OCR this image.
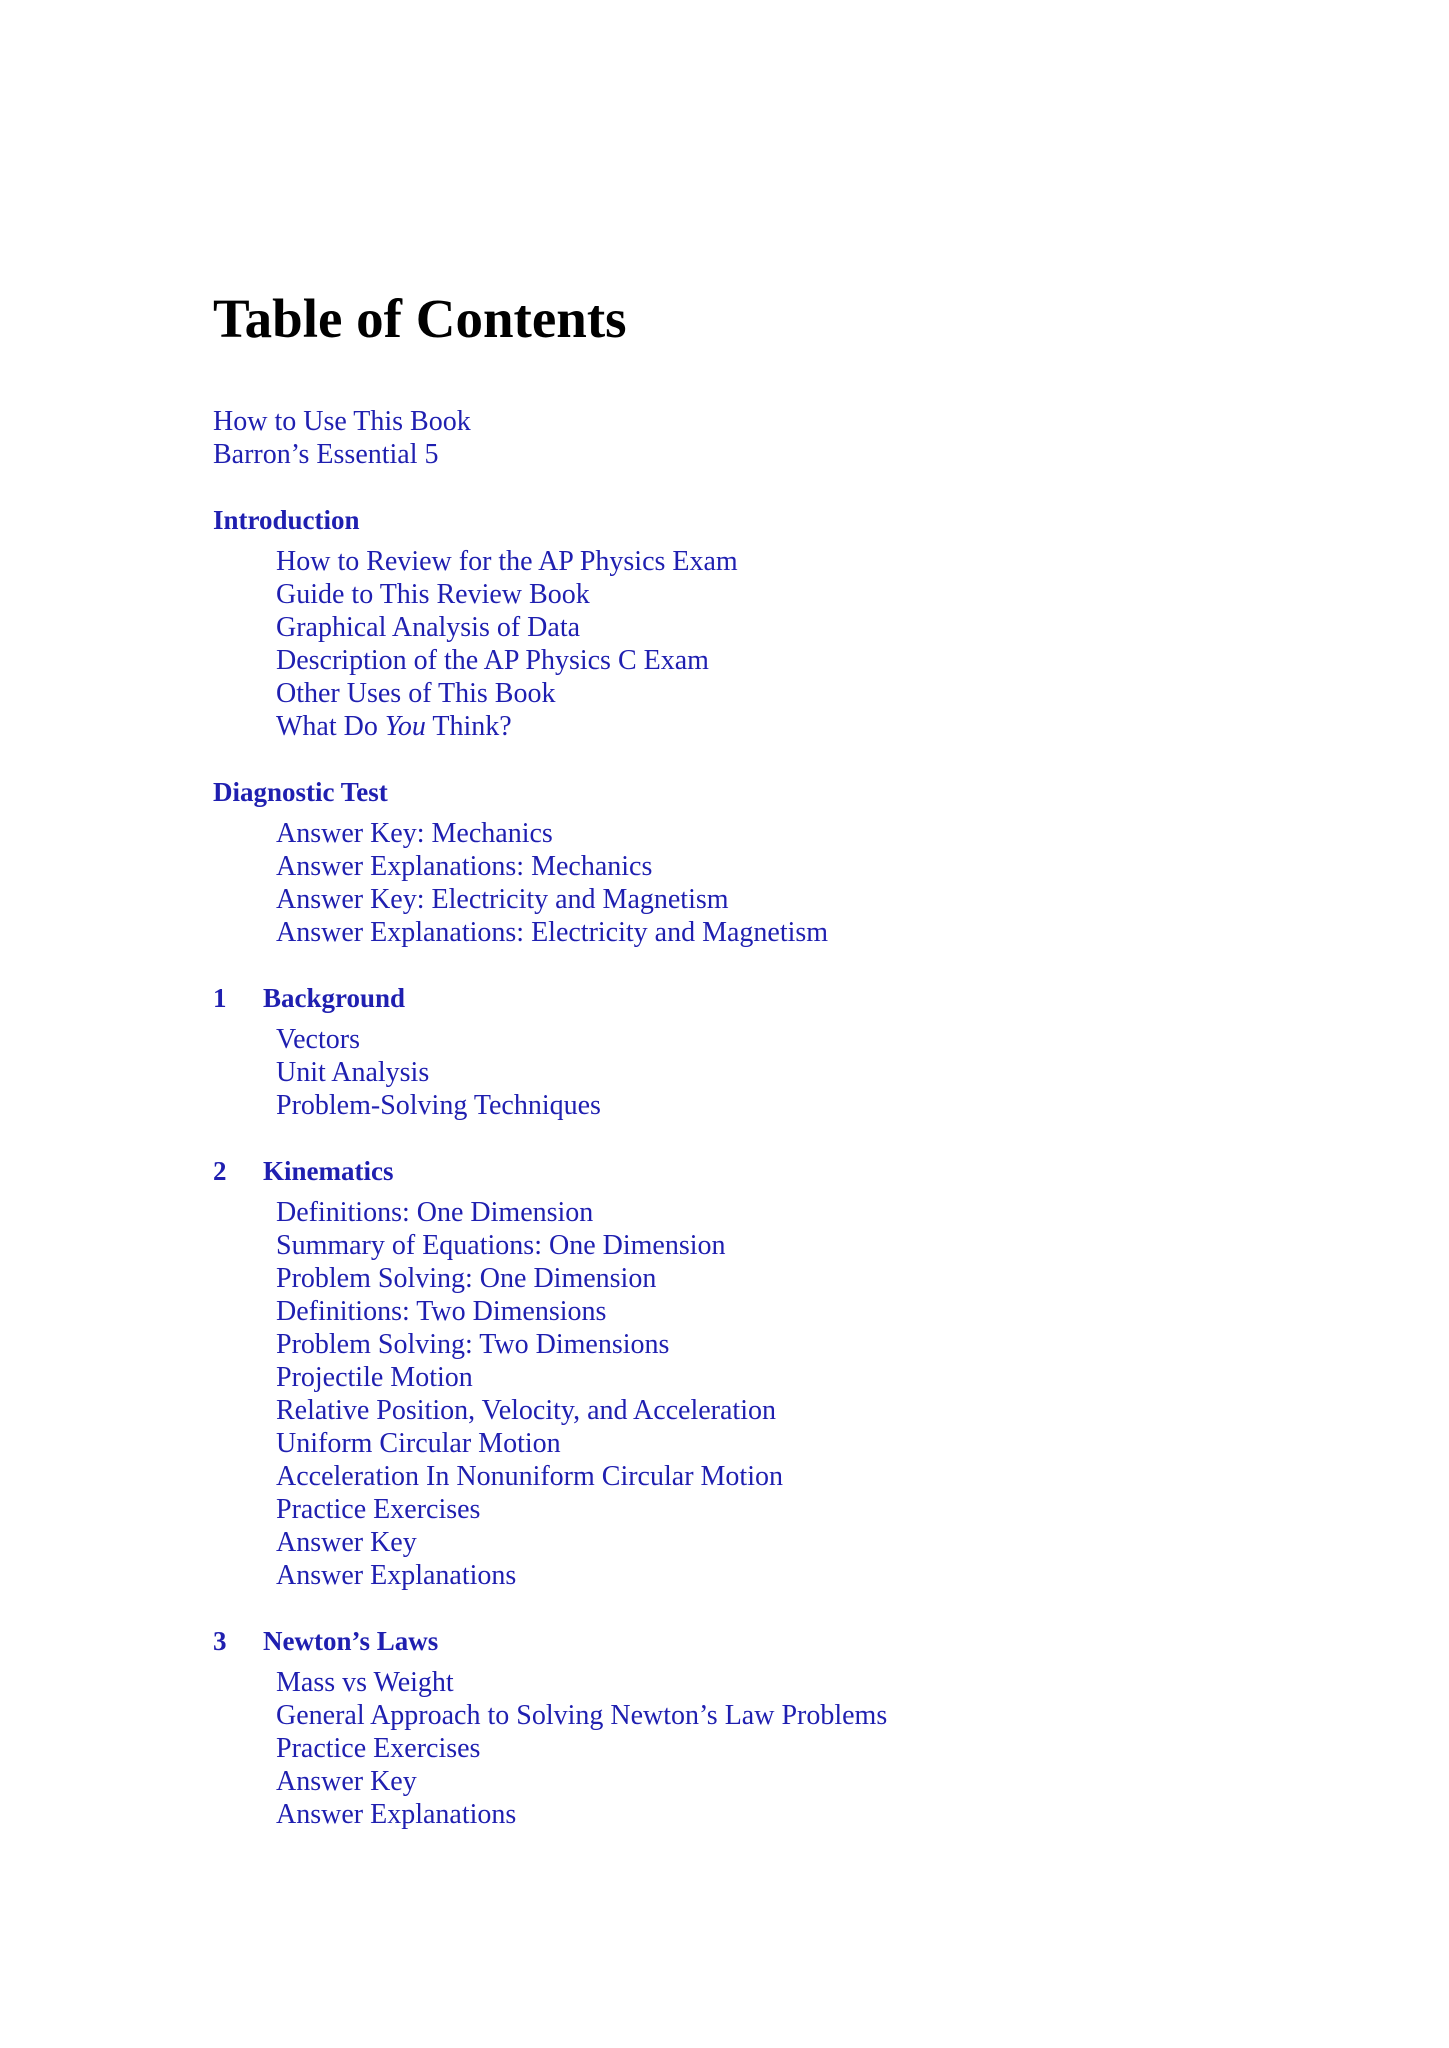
Table of Contents
How to Use This Book
Barron’s Essential 5
Introduction
How to Review for the AP Physics Exam
Guide to This Review Book
Graphical Analysis of Data
Description of the AP Physics C Exam
Other Uses of This Book
What Do You Think?
Diagnostic Test
Answer Key: Mechanics
Answer Explanations: Mechanics
Answer Key: Electricity and Magnetism
Answer Explanations: Electricity and Magnetism
1 Background
Vectors
Unit Analysis
Problem-Solving Techniques
2 Kinematics
Definitions: One Dimension
Summary of Equations: One Dimension
Problem Solving: One Dimension
Definitions: Two Dimensions
Problem Solving: Two Dimensions
Projectile Motion
Relative Position, Velocity, and Acceleration
Uniform Circular Motion
Acceleration In Nonuniform Circular Motion
Practice Exercises
Answer Key
Answer Explanations
3 Newton’s Laws
Mass vs Weight
General Approach to Solving Newton’s Law Problems
Practice Exercises
Answer Key
Answer Explanations
